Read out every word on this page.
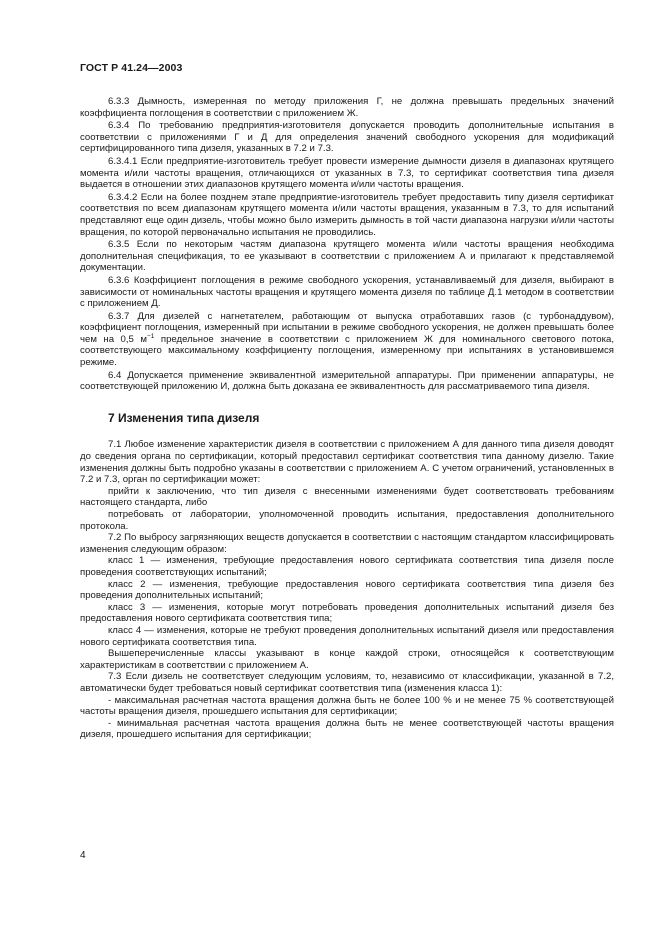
ГОСТ Р 41.24—2003

6.3.3 Дымность, измеренная по методу приложения Г, не должна превышать предельных значений коэффициента поглощения в соответствии с приложением Ж.

6.3.4 По требованию предприятия-изготовителя допускается проводить дополнительные испытания в соответствии с приложениями Г и Д для определения значений свободного ускорения для модификаций сертифицированного типа дизеля, указанных в 7.2 и 7.3.

6.3.4.1 Если предприятие-изготовитель требует провести измерение дымности дизеля в диапазонах крутящего момента и/или частоты вращения, отличающихся от указанных в 7.3, то сертификат соответствия типа дизеля выдается в отношении этих диапазонов крутящего момента и/или частоты вращения.

6.3.4.2 Если на более позднем этапе предприятие-изготовитель требует предоставить типу дизеля сертификат соответствия по всем диапазонам крутящего момента и/или частоты вращения, указанным в 7.3, то для испытаний представляют еще один дизель, чтобы можно было измерить дымность в той части диапазона нагрузки и/или частоты вращения, по которой первоначально испытания не проводились.

6.3.5 Если по некоторым частям диапазона крутящего момента и/или частоты вращения необходима дополнительная спецификация, то ее указывают в соответствии с приложением А и прилагают к представляемой документации.

6.3.6 Коэффициент поглощения в режиме свободного ускорения, устанавливаемый для дизеля, выбирают в зависимости от номинальных частоты вращения и крутящего момента дизеля по таблице Д.1 методом в соответствии с приложением Д.

6.3.7 Для дизелей с нагнетателем, работающим от выпуска отработавших газов (с турбонаддувом), коэффициент поглощения, измеренный при испытании в режиме свободного ускорения, не должен превышать более чем на 0,5 $м^{-1}$ предельное значение в соответствии с приложением Ж для номинального светового потока, соответствующего максимальному коэффициенту поглощения, измеренному при испытаниях в установившемся режиме.

6.4 Допускается применение эквивалентной измерительной аппаратуры. При применении аппаратуры, не соответствующей приложению И, должна быть доказана ее эквивалентность для рассматриваемого типа дизеля.

7 Изменения типа дизеля

7.1 Любое изменение характеристик дизеля в соответствии с приложением А для данного типа дизеля доводят до сведения органа по сертификации, который предоставил сертификат соответствия типа данному дизелю. Такие изменения должны быть подробно указаны в соответствии с приложением А. С учетом ограничений, установленных в 7.2 и 7.3, орган по сертификации может:

прийти к заключению, что тип дизеля с внесенными изменениями будет соответствовать требованиям настоящего стандарта, либо

потребовать от лаборатории, уполномоченной проводить испытания, предоставления дополнительного протокола.

7.2 По выбросу загрязняющих веществ допускается в соответствии с настоящим стандартом классифицировать изменения следующим образом:

класс 1 — изменения, требующие предоставления нового сертификата соответствия типа дизеля после проведения соответствующих испытаний;

класс 2 — изменения, требующие предоставления нового сертификата соответствия типа дизеля без проведения дополнительных испытаний;

класс 3 — изменения, которые могут потребовать проведения дополнительных испытаний дизеля без предоставления нового сертификата соответствия типа;

класс 4 — изменения, которые не требуют проведения дополнительных испытаний дизеля или предоставления нового сертификата соответствия типа.

Вышеперечисленные классы указывают в конце каждой строки, относящейся к соответствующим характеристикам в соответствии с приложением А.

7.3 Если дизель не соответствует следующим условиям, то, независимо от классификации, указанной в 7.2, автоматически будет требоваться новый сертификат соответствия типа (изменения класса 1):

- максимальная расчетная частота вращения должна быть не более 100 % и не менее 75 % соответствующей частоты вращения дизеля, прошедшего испытания для сертификации;

- минимальная расчетная частота вращения должна быть не менее соответствующей частоты вращения дизеля, прошедшего испытания для сертификации;

4
